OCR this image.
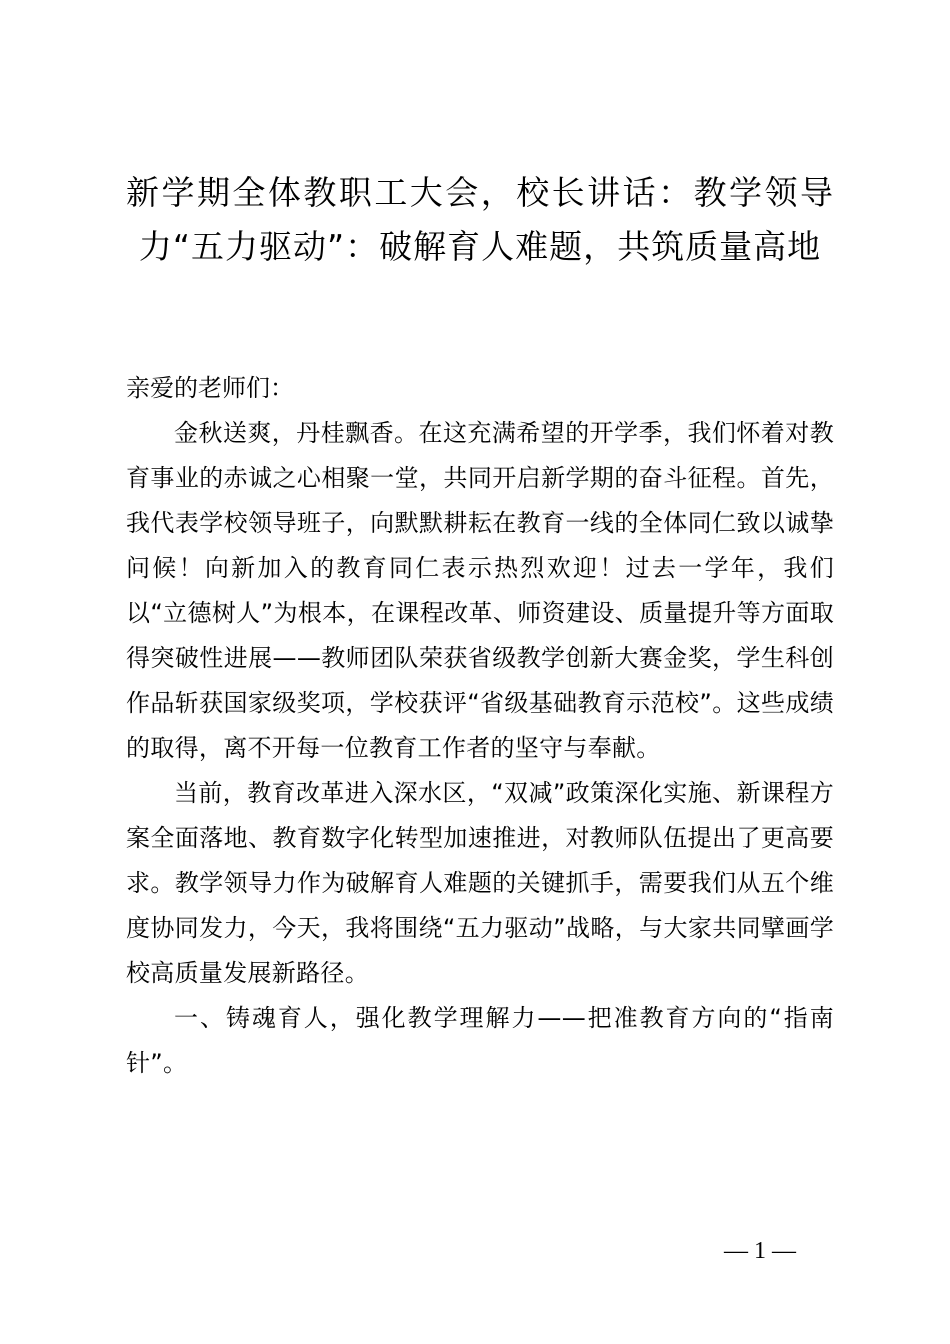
新学期全体教职工大会，校长讲话：教学领导力“五力驱动”：破解育人难题，共筑质量高地

亲爱的老师们：

金秋送爽，丹桂飘香。在这充满希望的开学季，我们怀着对教育事业的赤诚之心相聚一堂，共同开启新学期的奋斗征程。首先，我代表学校领导班子，向默默耕耘在教育一线的全体同仁致以诚挚问候！向新加入的教育同仁表示热烈欢迎！过去一学年，我们以“立德树人”为根本，在课程改革、师资建设、质量提升等方面取得突破性进展——教师团队荣获省级教学创新大赛金奖，学生科创作品斩获国家级奖项，学校获评“省级基础教育示范校”。这些成绩的取得，离不开每一位教育工作者的坚守与奉献。

当前，教育改革进入深水区，“双减”政策深化实施、新课程方案全面落地、教育数字化转型加速推进，对教师队伍提出了更高要求。教学领导力作为破解育人难题的关键抓手，需要我们从五个维度协同发力，今天，我将围绕“五力驱动”战略，与大家共同擘画学校高质量发展新路径。

一、铸魂育人，强化教学理解力——把准教育方向的“指南针”。

— 1 —
